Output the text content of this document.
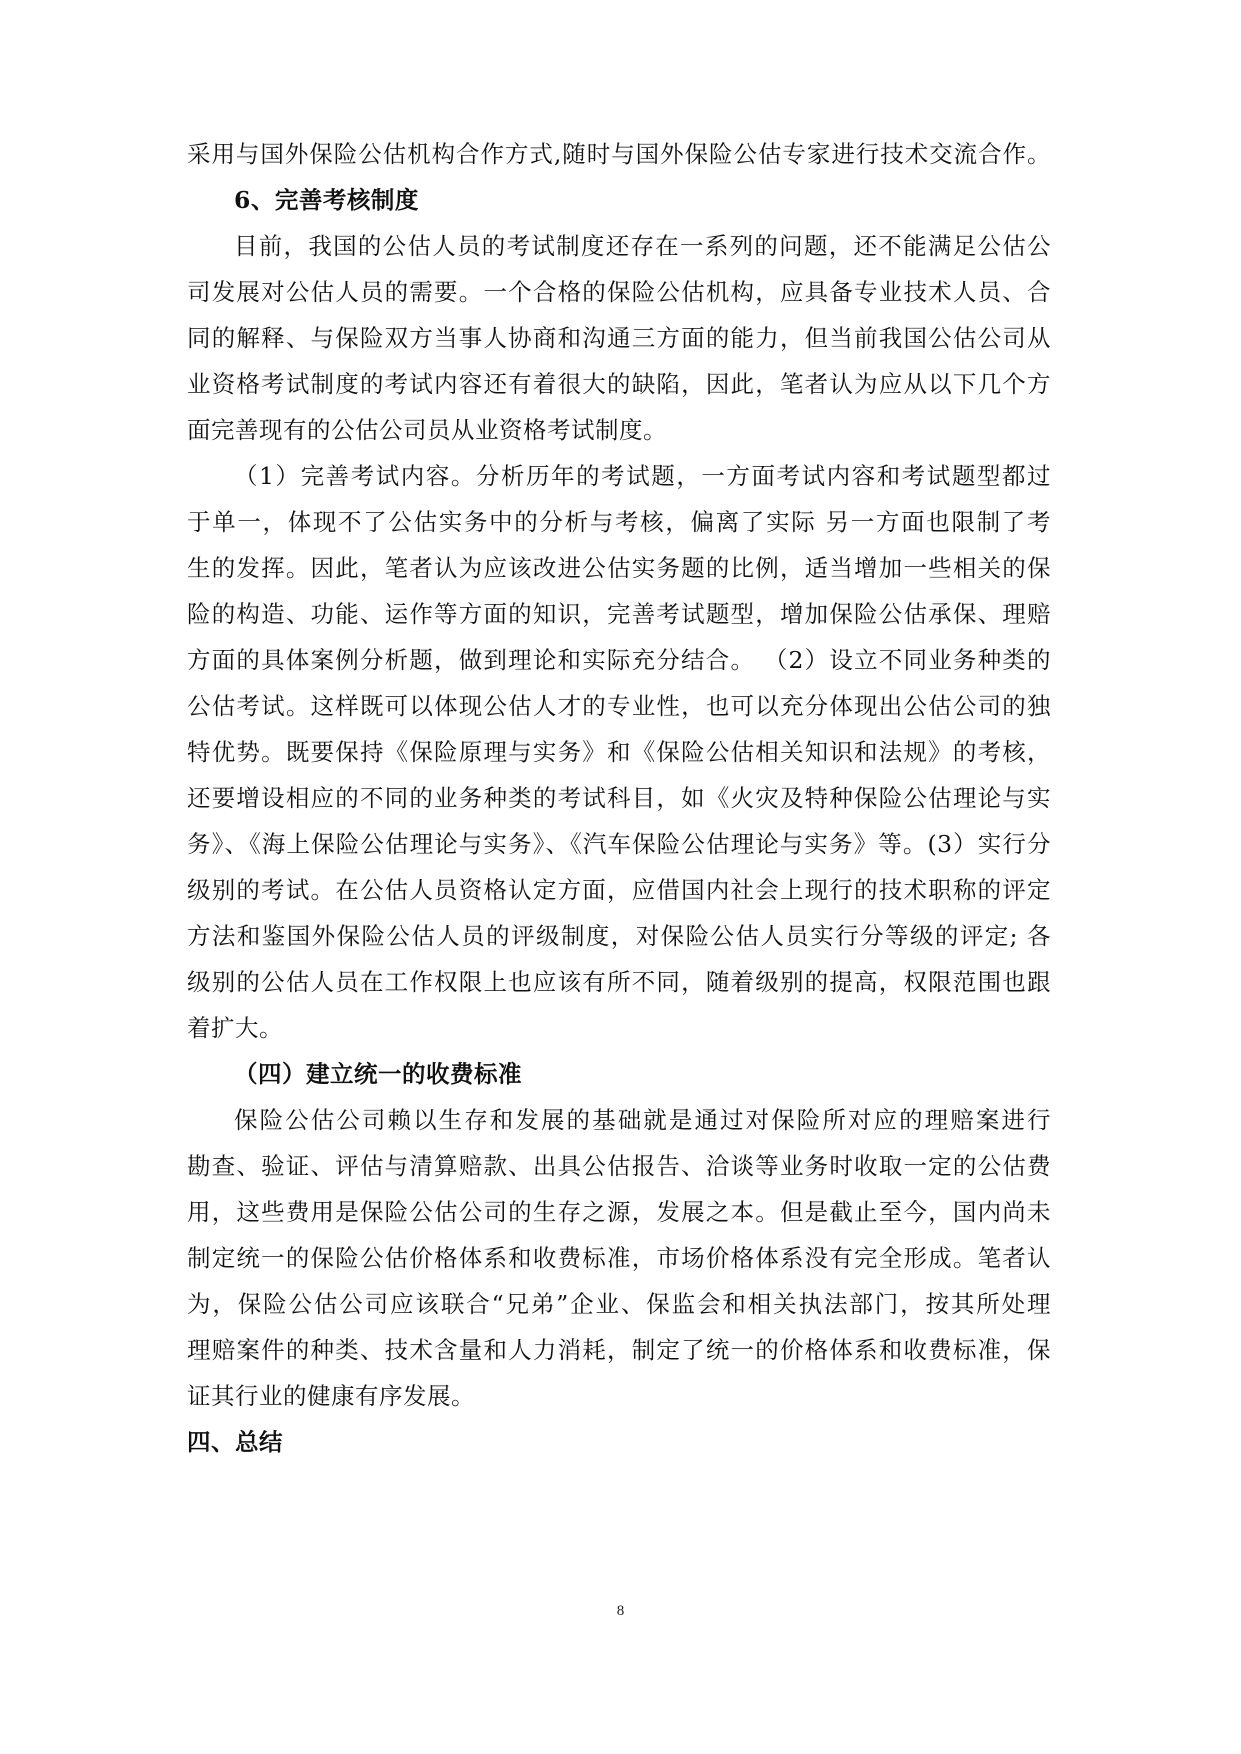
采用与国外保险公估机构合作方式,随时与国外保险公估专家进行技术交流合作。
6、完善考核制度
目前，我国的公估人员的考试制度还存在一系列的问题，还不能满足公估公
司发展对公估人员的需要。一个合格的保险公估机构，应具备专业技术人员、合
同的解释、与保险双方当事人协商和沟通三方面的能力，但当前我国公估公司从
业资格考试制度的考试内容还有着很大的缺陷，因此，笔者认为应从以下几个方
面完善现有的公估公司员从业资格考试制度。
（1）完善考试内容。分析历年的考试题，一方面考试内容和考试题型都过
于单一，体现不了公估实务中的分析与考核，偏离了实际 另一方面也限制了考
生的发挥。因此，笔者认为应该改进公估实务题的比例，适当增加一些相关的保
险的构造、功能、运作等方面的知识，完善考试题型，增加保险公估承保、理赔
方面的具体案例分析题，做到理论和实际充分结合。 （2）设立不同业务种类的
公估考试。这样既可以体现公估人才的专业性，也可以充分体现出公估公司的独
特优势。既要保持《保险原理与实务》和《保险公估相关知识和法规》的考核，
还要增设相应的不同的业务种类的考试科目，如《火灾及特种保险公估理论与实
务》、《海上保险公估理论与实务》、《汽车保险公估理论与实务》等。(3）实行分
级别的考试。在公估人员资格认定方面，应借国内社会上现行的技术职称的评定
方法和鉴国外保险公估人员的评级制度，对保险公估人员实行分等级的评定; 各
级别的公估人员在工作权限上也应该有所不同，随着级别的提高，权限范围也跟
着扩大。
（四）建立统一的收费标准
保险公估公司赖以生存和发展的基础就是通过对保险所对应的理赔案进行
勘查、验证、评估与清算赔款、出具公估报告、洽谈等业务时收取一定的公估费
用，这些费用是保险公估公司的生存之源，发展之本。但是截止至今，国内尚未
制定统一的保险公估价格体系和收费标准，市场价格体系没有完全形成。笔者认
为，保险公估公司应该联合“兄弟”企业、保监会和相关执法部门，按其所处理
理赔案件的种类、技术含量和人力消耗，制定了统一的价格体系和收费标准，保
证其行业的健康有序发展。
四、总结
8
